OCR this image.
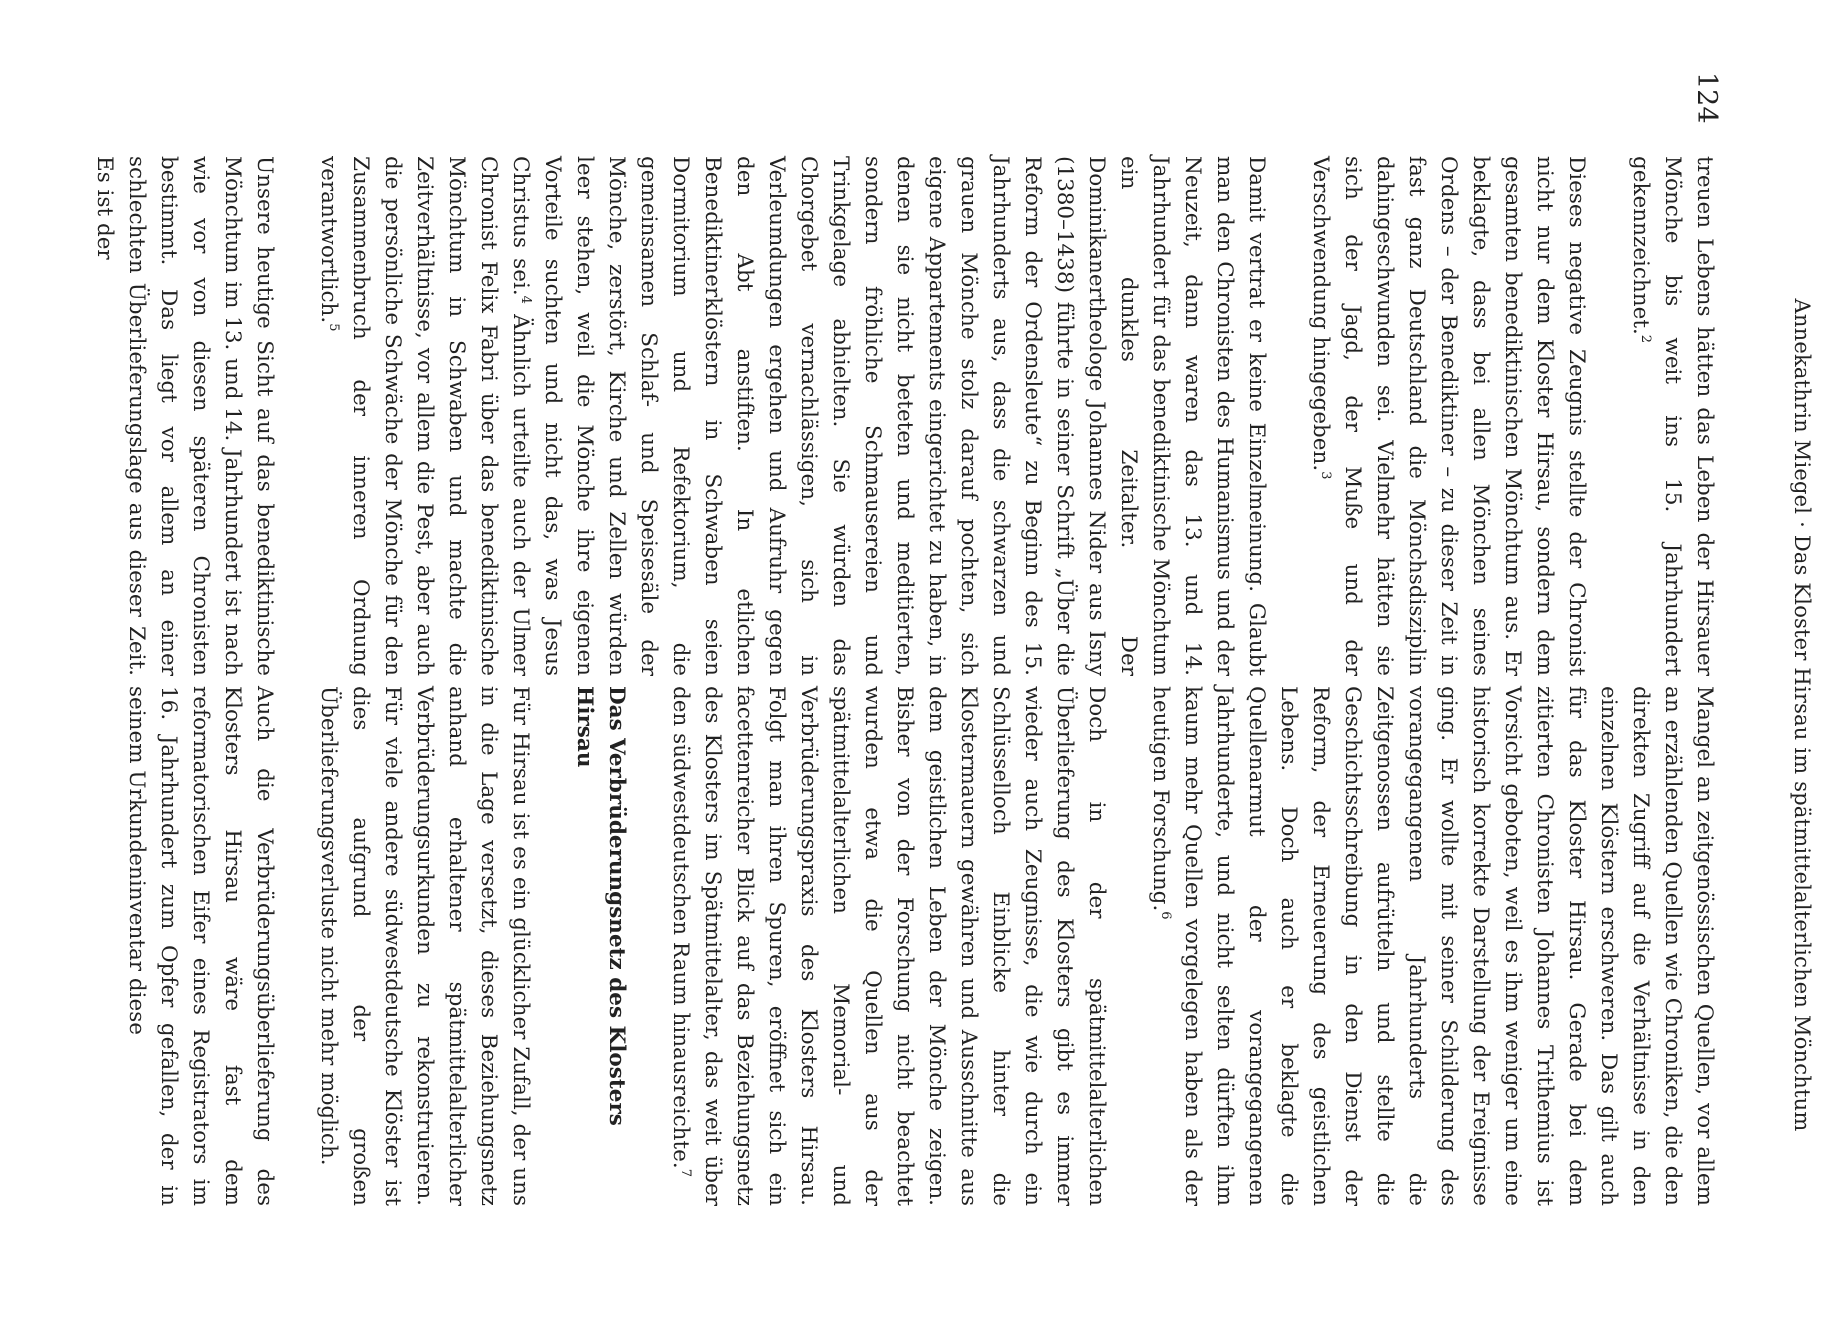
Annekathrin Miegel · Das Kloster Hirsau im spätmittelalterlichen Mönchtum
124

treuen Lebens hätten das Leben der Hirsauer Mönche bis weit ins 15. Jahrhundert gekennzeichnet.$^2$

Dieses negative Zeugnis stellte der Chronist nicht nur dem Kloster Hirsau, sondern dem gesamten benediktinischen Mönchtum aus. Er beklagte, dass bei allen Mönchen seines Ordens – der Benediktiner – zu dieser Zeit in fast ganz Deutschland die Mönchsdisziplin dahingeschwunden sei. Vielmehr hätten sie sich der Jagd, der Muße und der Verschwendung hingegeben.$^3$

Damit vertrat er keine Einzelmeinung. Glaubt man den Chronisten des Humanismus und der Neuzeit, dann waren das 13. und 14. Jahrhundert für das benediktinische Mönchtum ein dunkles Zeitalter. Der Dominikanertheologe Johannes Nider aus Isny (1380–1438) führte in seiner Schrift „Über die Reform der Ordensleute“ zu Beginn des 15. Jahrhunderts aus, dass die schwarzen und grauen Mönche stolz darauf pochten, sich eigene Appartements eingerichtet zu haben, in denen sie nicht beteten und meditierten, sondern fröhliche Schmausereien und Trinkgelage abhielten. Sie würden das Chorgebet vernachlässigen, sich in Verleumdungen ergehen und Aufruhr gegen den Abt anstiften. In etlichen Benediktinerklöstern in Schwaben seien Dormitorium und Refektorium, die gemeinsamen Schlaf- und Speisesäle der Mönche, zerstört, Kirche und Zellen würden leer stehen, weil die Mönche ihre eigenen Vorteile suchten und nicht das, was Jesus Christus sei.$^4$ Ähnlich urteilte auch der Ulmer Chronist Felix Fabri über das benediktinische Mönchtum in Schwaben und machte die Zeitverhältnisse, vor allem die Pest, aber auch die persönliche Schwäche der Mönche für den Zusammenbruch der inneren Ordnung verantwortlich.$^5$

Unsere heutige Sicht auf das benediktinische Mönchtum im 13. und 14. Jahrhundert ist nach wie vor von diesen späteren Chronisten bestimmt. Das liegt vor allem an einer schlechten Überlieferungslage aus dieser Zeit. Es ist der

Mangel an zeitgenössischen Quellen, vor allem an erzählenden Quellen wie Chroniken, die den direkten Zugriff auf die Verhältnisse in den einzelnen Klöstern erschweren. Das gilt auch für das Kloster Hirsau. Gerade bei dem zitierten Chronisten Johannes Trithemius ist Vorsicht geboten, weil es ihm weniger um eine historisch korrekte Darstellung der Ereignisse ging. Er wollte mit seiner Schilderung des vorangegangenen Jahrhunderts die Zeitgenossen aufrütteln und stellte die Geschichtsschreibung in den Dienst der Reform, der Erneuerung des geistlichen Lebens. Doch auch er beklagte die Quellenarmut der vorangegangenen Jahrhunderte, und nicht selten dürften ihm kaum mehr Quellen vorgelegen haben als der heutigen Forschung.$^6$

Doch in der spätmittelalterlichen Überlieferung des Klosters gibt es immer wieder auch Zeugnisse, die wie durch ein Schlüsselloch Einblicke hinter die Klostermauern gewähren und Ausschnitte aus dem geistlichen Leben der Mönche zeigen. Bisher von der Forschung nicht beachtet wurden etwa die Quellen aus der spätmittelalterlichen Memorial- und Verbrüderungspraxis des Klosters Hirsau. Folgt man ihren Spuren, eröffnet sich ein facettenreicher Blick auf das Beziehungsnetz des Klosters im Spätmittelalter, das weit über den südwestdeutschen Raum hinausreichte.$^7$

Das Verbrüderungsnetz des Klosters Hirsau

Für Hirsau ist es ein glücklicher Zufall, der uns in die Lage versetzt, dieses Beziehungsnetz anhand erhaltener spätmittelalterlicher Verbrüderungsurkunden zu rekonstruieren. Für viele andere südwestdeutsche Klöster ist dies aufgrund der großen Überlieferungsverluste nicht mehr möglich.

Auch die Verbrüderungsüberlieferung des Klosters Hirsau wäre fast dem reformatorischen Eifer eines Registrators im 16. Jahrhundert zum Opfer gefallen, der in seinem Urkundeninventar diese
